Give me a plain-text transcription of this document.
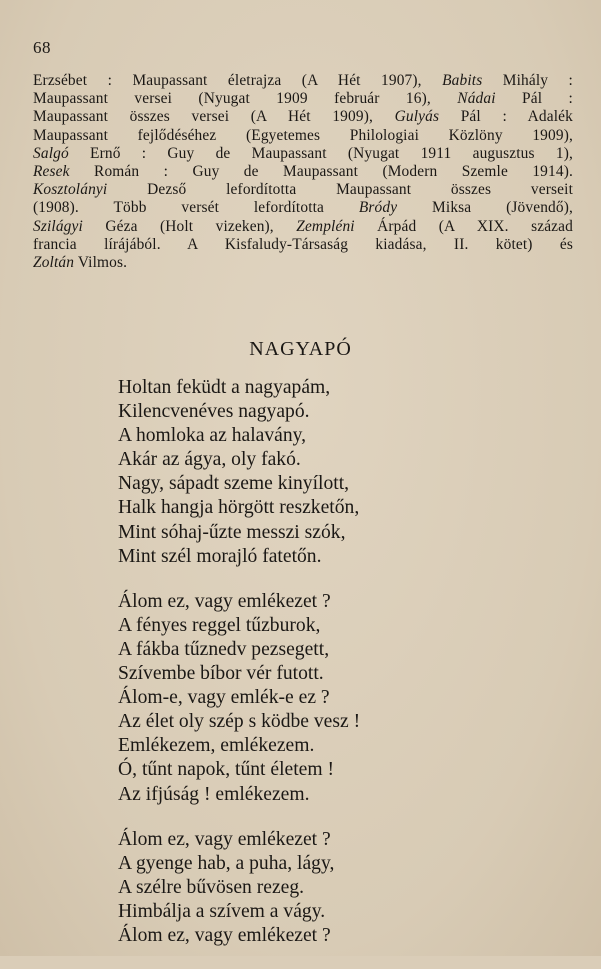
68
Erzsébet : Maupassant életrajza (A Hét 1907), Babits Mihály :
Maupassant versei (Nyugat 1909 február 16), Nádai Pál :
Maupassant összes versei (A Hét 1909), Gulyás Pál : Adalék
Maupassant fejlődéséhez (Egyetemes Philologiai Közlöny 1909),
Salgó Ernő : Guy de Maupassant (Nyugat 1911 augusztus 1),
Resek Román : Guy de Maupassant (Modern Szemle 1914).
Kosztolányi Dezső lefordította Maupassant összes verseit
(1908). Több versét lefordította Bródy Miksa (Jövendő),
Szilágyi Géza (Holt vizeken), Zempléni Árpád (A XIX. század
francia lírájából. A Kisfaludy-Társaság kiadása, II. kötet) és
Zoltán Vilmos.
NAGYAPÓ
Holtan feküdt a nagyapám,
Kilencvenéves nagyapó.
A homloka az halavány,
Akár az ágya, oly fakó.
Nagy, sápadt szeme kinyílott,
Halk hangja hörgött reszketőn,
Mint sóhaj-űzte messzi szók,
Mint szél morajló fatetőn.
Álom ez, vagy emlékezet ?
A fényes reggel tűzburok,
A fákba tűznedv pezsegett,
Szívembe bíbor vér futott.
Álom-e, vagy emlék-e ez ?
Az élet oly szép s ködbe vesz !
Emlékezem, emlékezem.
Ó, tűnt napok, tűnt életem !
Az ifjúság ! emlékezem.
Álom ez, vagy emlékezet ?
A gyenge hab, a puha, lágy,
A szélre bűvösen rezeg.
Himbálja a szívem a vágy.
Álom ez, vagy emlékezet ?
